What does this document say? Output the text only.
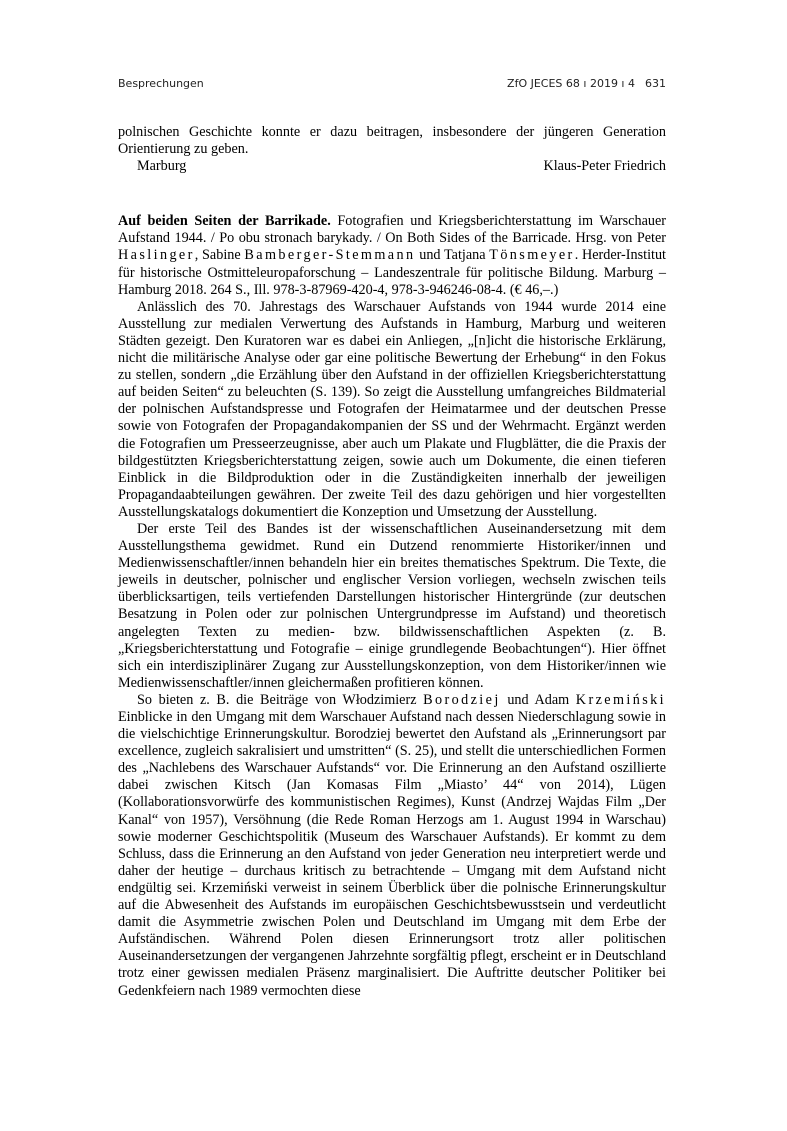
Besprechungen	ZfO JECES 68 ı 2019 ı 4 631

polnischen Geschichte konnte er dazu beitragen, insbesondere der jüngeren Generation Orientierung zu geben.

Marburg	Klaus-Peter Friedrich

Auf beiden Seiten der Barrikade. Fotografien und Kriegsberichterstattung im Warschauer Aufstand 1944. / Po obu stronach barykady. / On Both Sides of the Barricade. Hrsg. von Peter Haslinger, Sabine Bamberger-Stemmann und Tatjana Tönsmeyer. Herder-Institut für historische Ostmitteleuropaforschung – Landeszentrale für politische Bildung. Marburg – Hamburg 2018. 264 S., Ill. 978-3-87969-420-4, 978-3-946246-08-4. (€ 46,–.)

Anlässlich des 70. Jahrestags des Warschauer Aufstands von 1944 wurde 2014 eine Ausstellung zur medialen Verwertung des Aufstands in Hamburg, Marburg und weiteren Städten gezeigt. Den Kuratoren war es dabei ein Anliegen, „[n]icht die historische Erklärung, nicht die militärische Analyse oder gar eine politische Bewertung der Erhebung“ in den Fokus zu stellen, sondern „die Erzählung über den Aufstand in der offiziellen Kriegsberichterstattung auf beiden Seiten“ zu beleuchten (S. 139). So zeigt die Ausstellung umfangreiches Bildmaterial der polnischen Aufstandspresse und Fotografen der Heimatarmee und der deutschen Presse sowie von Fotografen der Propagandakompanien der SS und der Wehrmacht. Ergänzt werden die Fotografien um Presseerzeugnisse, aber auch um Plakate und Flugblätter, die die Praxis der bildgestützten Kriegsberichterstattung zeigen, sowie auch um Dokumente, die einen tieferen Einblick in die Bildproduktion oder in die Zuständigkeiten innerhalb der jeweiligen Propagandaabteilungen gewähren. Der zweite Teil des dazu gehörigen und hier vorgestellten Ausstellungskatalogs dokumentiert die Konzeption und Umsetzung der Ausstellung.

Der erste Teil des Bandes ist der wissenschaftlichen Auseinandersetzung mit dem Ausstellungsthema gewidmet. Rund ein Dutzend renommierte Historiker/innen und Medienwissenschaftler/innen behandeln hier ein breites thematisches Spektrum. Die Texte, die jeweils in deutscher, polnischer und englischer Version vorliegen, wechseln zwischen teils überblicksartigen, teils vertiefenden Darstellungen historischer Hintergründe (zur deutschen Besatzung in Polen oder zur polnischen Untergrundpresse im Aufstand) und theoretisch angelegten Texten zu medien- bzw. bildwissenschaftlichen Aspekten (z. B. „Kriegsberichterstattung und Fotografie – einige grundlegende Beobachtungen“). Hier öffnet sich ein interdisziplinärer Zugang zur Ausstellungskonzeption, von dem Historiker/innen wie Medienwissenschaftler/innen gleichermaßen profitieren können.

So bieten z. B. die Beiträge von Włodzimierz Borodziej und Adam Krzemiński Einblicke in den Umgang mit dem Warschauer Aufstand nach dessen Niederschlagung sowie in die vielschichtige Erinnerungskultur. Borodziej bewertet den Aufstand als „Erinnerungsort par excellence, zugleich sakralisiert und umstritten“ (S. 25), und stellt die unterschiedlichen Formen des „Nachlebens des Warschauer Aufstands“ vor. Die Erinnerung an den Aufstand oszillierte dabei zwischen Kitsch (Jan Komasas Film „Miasto’ 44“ von 2014), Lügen (Kollaborationsvorwürfe des kommunistischen Regimes), Kunst (Andrzej Wajdas Film „Der Kanal“ von 1957), Versöhnung (die Rede Roman Herzogs am 1. August 1994 in Warschau) sowie moderner Geschichtspolitik (Museum des Warschauer Aufstands). Er kommt zu dem Schluss, dass die Erinnerung an den Aufstand von jeder Generation neu interpretiert werde und daher der heutige – durchaus kritisch zu betrachtende – Umgang mit dem Aufstand nicht endgültig sei. Krzemiński verweist in seinem Überblick über die polnische Erinnerungskultur auf die Abwesenheit des Aufstands im europäischen Geschichtsbewusstsein und verdeutlicht damit die Asymmetrie zwischen Polen und Deutschland im Umgang mit dem Erbe der Aufständischen. Während Polen diesen Erinnerungsort trotz aller politischen Auseinandersetzungen der vergangenen Jahrzehnte sorgfältig pflegt, erscheint er in Deutschland trotz einer gewissen medialen Präsenz marginalisiert. Die Auftritte deutscher Politiker bei Gedenkfeiern nach 1989 vermochten diese
